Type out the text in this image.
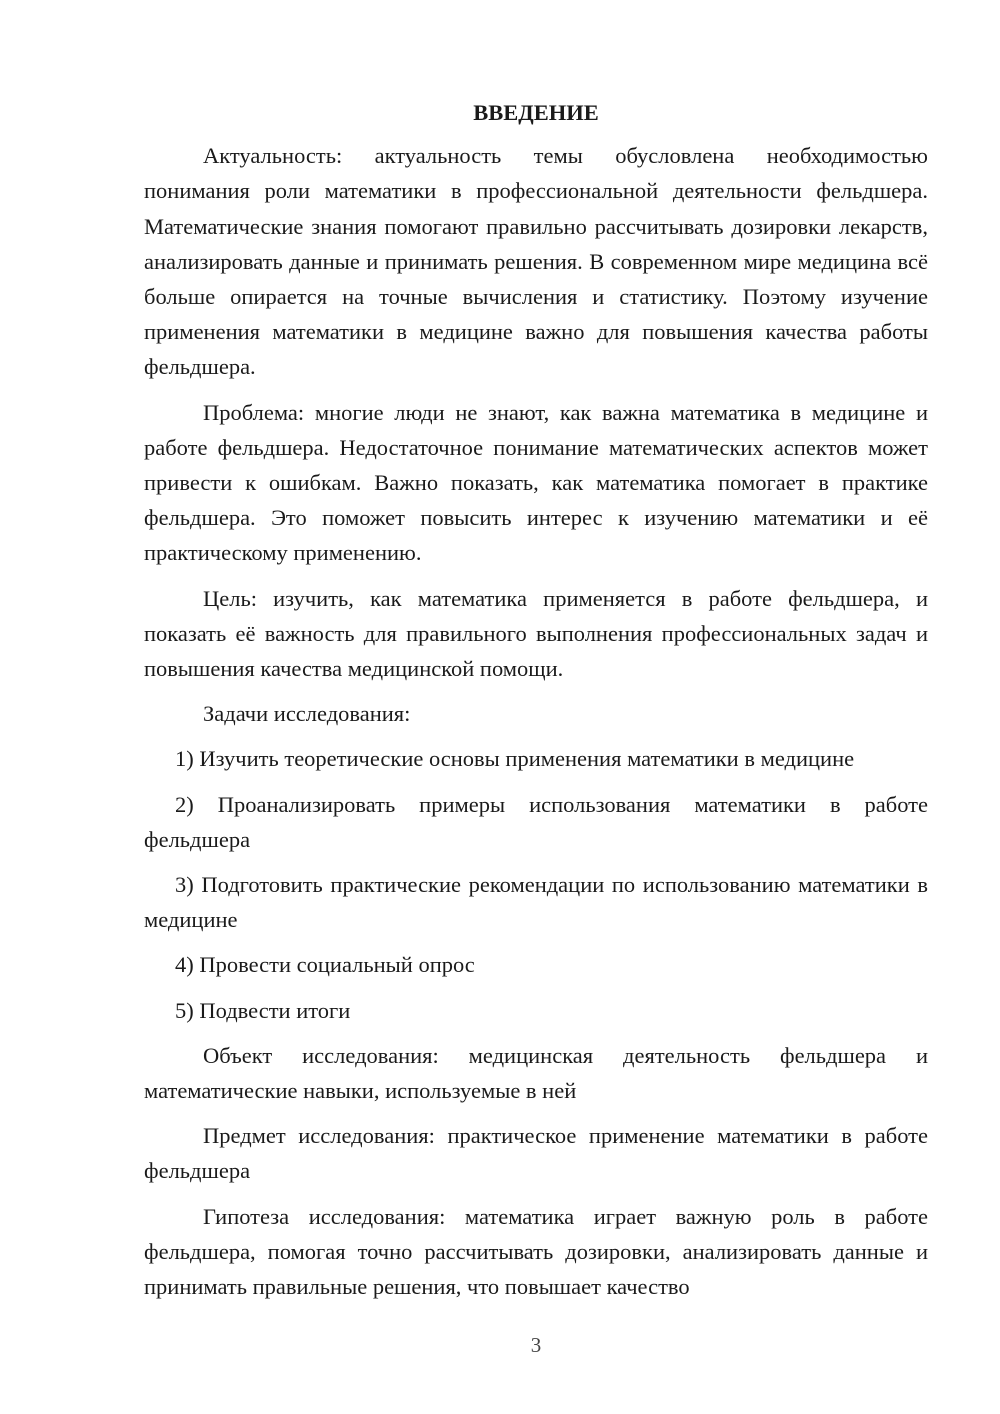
ВВЕДЕНИЕ

Актуальность: актуальность темы обусловлена необходимостью понимания роли математики в профессиональной деятельности фельдшера. Математические знания помогают правильно рассчитывать дозировки лекарств, анализировать данные и принимать решения. В современном мире медицина всё больше опирается на точные вычисления и статистику. Поэтому изучение применения математики в медицине важно для повышения качества работы фельдшера.

Проблема: многие люди не знают, как важна математика в медицине и работе фельдшера. Недостаточное понимание математических аспектов может привести к ошибкам. Важно показать, как математика помогает в практике фельдшера. Это поможет повысить интерес к изучению математики и её практическому применению.

Цель: изучить, как математика применяется в работе фельдшера, и показать её важность для правильного выполнения профессиональных задач и повышения качества медицинской помощи.

Задачи исследования:

1) Изучить теоретические основы применения математики в медицине

2) Проанализировать примеры использования математики в работе фельдшера

3) Подготовить практические рекомендации по использованию математики в медицине

4) Провести социальный опрос

5) Подвести итоги

Объект исследования: медицинская деятельность фельдшера и математические навыки, используемые в ней

Предмет исследования: практическое применение математики в работе фельдшера

Гипотеза исследования: математика играет важную роль в работе фельдшера, помогая точно рассчитывать дозировки, анализировать данные и принимать правильные решения, что повышает качество

3
